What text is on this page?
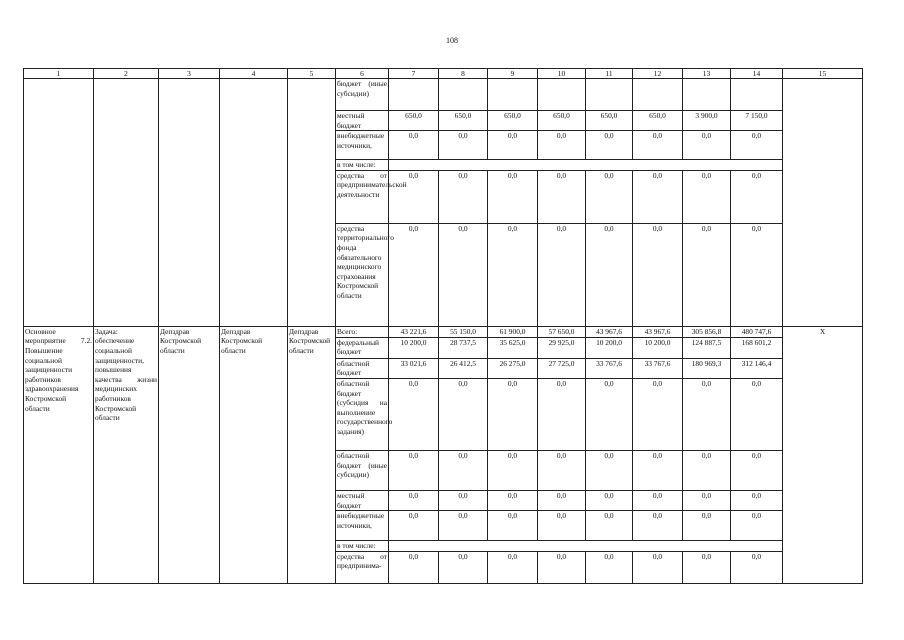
108
1	2	3	4	5	6	7	8	9	10	11	12	13	14	15
					бюджет (иные субсидии)									
					местный бюджет	650,0	650,0	650,0	650,0	650,0	650,0	3 900,0	7 150,0	
					внебюджетные источники,	0,0	0,0	0,0	0,0	0,0	0,0	0,0	0,0	
					в том числе:									
					средства от предпринимательской деятельности	0,0	0,0	0,0	0,0	0,0	0,0	0,0	0,0	
					средства территориального фонда обязательного медицинского страхования Костромской области	0,0	0,0	0,0	0,0	0,0	0,0	0,0	0,0	
Основное мероприятие 7.2. Повышение социальной защищенности работников здравоохранения Костромской области	Задача: обеспечение социальной защищенности, повышения качества жизни медицинских работников Костромской области	Депздрав Костромской области	Депздрав Костромской области	Депздрав Костромской области	Всего:	43 221,6	55 150,0	61 900,0	57 650,0	43 967,6	43 967,6	305 856,8	480 747,6	X
					федеральный бюджет	10 200,0	28 737,5	35 625,0	29 925,0	10 200,0	10 200,0	124 887,5	168 601,2	
					областной бюджет	33 021,6	26 412,5	26 275,0	27 725,0	33 767,6	33 767,6	180 969,3	312 146,4	
					областной бюджет (субсидия на выполнение государственного задания)	0,0	0,0	0,0	0,0	0,0	0,0	0,0	0,0	
					областной бюджет (иные субсидии)	0,0	0,0	0,0	0,0	0,0	0,0	0,0	0,0	
					местный бюджет	0,0	0,0	0,0	0,0	0,0	0,0	0,0	0,0	
					внебюджетные источники,	0,0	0,0	0,0	0,0	0,0	0,0	0,0	0,0	
					в том числе:									
					средства от предпринима-	0,0	0,0	0,0	0,0	0,0	0,0	0,0	0,0	
